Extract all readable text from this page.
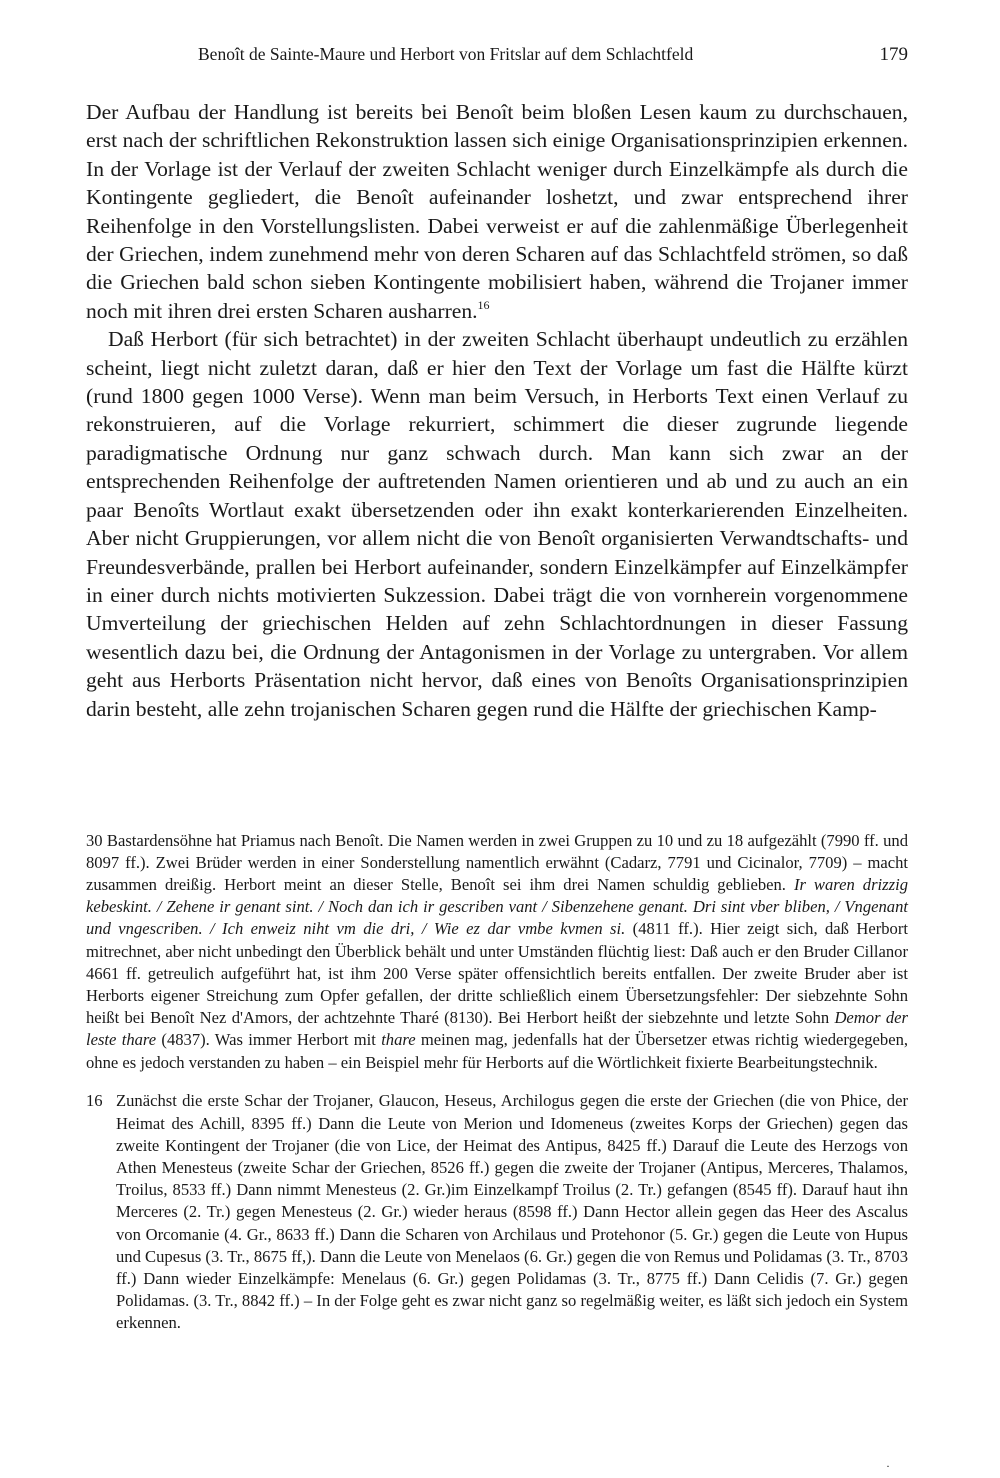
Benoît de Sainte-Maure und Herbort von Fritslar auf dem Schlachtfeld	179

Der Aufbau der Handlung ist bereits bei Benoît beim bloßen Lesen kaum zu durchschauen, erst nach der schriftlichen Rekonstruktion lassen sich einige Organisationsprinzipien erkennen. In der Vorlage ist der Verlauf der zweiten Schlacht weniger durch Einzelkämpfe als durch die Kontingente gegliedert, die Benoît aufeinander loshetzt, und zwar entsprechend ihrer Reihenfolge in den Vorstellungslisten. Dabei verweist er auf die zahlenmäßige Überlegenheit der Griechen, indem zunehmend mehr von deren Scharen auf das Schlachtfeld strömen, so daß die Griechen bald schon sieben Kontingente mobilisiert haben, während die Trojaner immer noch mit ihren drei ersten Scharen ausharren.$^{16}$

Daß Herbort (für sich betrachtet) in der zweiten Schlacht überhaupt undeutlich zu erzählen scheint, liegt nicht zuletzt daran, daß er hier den Text der Vorlage um fast die Hälfte kürzt (rund 1800 gegen 1000 Verse). Wenn man beim Versuch, in Herborts Text einen Verlauf zu rekonstruieren, auf die Vorlage rekurriert, schimmert die dieser zugrunde liegende paradigmatische Ordnung nur ganz schwach durch. Man kann sich zwar an der entsprechenden Reihenfolge der auftretenden Namen orientieren und ab und zu auch an ein paar Benoîts Wortlaut exakt übersetzenden oder ihn exakt konterkarierenden Einzelheiten. Aber nicht Gruppierungen, vor allem nicht die von Benoît organisierten Verwandtschafts- und Freundesverbände, prallen bei Herbort aufeinander, sondern Einzelkämpfer auf Einzelkämpfer in einer durch nichts motivierten Sukzession. Dabei trägt die von vornherein vorgenommene Umverteilung der griechischen Helden auf zehn Schlachtordnungen in dieser Fassung wesentlich dazu bei, die Ordnung der Antagonismen in der Vorlage zu untergraben. Vor allem geht aus Herborts Präsentation nicht hervor, daß eines von Benoîts Organisationsprinzipien darin besteht, alle zehn trojanischen Scharen gegen rund die Hälfte der griechischen Kamp-

30 Bastardensöhne hat Priamus nach Benoît. Die Namen werden in zwei Gruppen zu 10 und zu 18 aufgezählt (7990 ff. und 8097 ff.). Zwei Brüder werden in einer Sonderstellung namentlich erwähnt (Cadarz, 7791 und Cicinalor, 7709) – macht zusammen dreißig. Herbort meint an dieser Stelle, Benoît sei ihm drei Namen schuldig geblieben. Ir waren drizzig kebeskint. / Zehene ir genant sint. / Noch dan ich ir gescriben vant / Sibenzehene genant. Dri sint vber bliben, / Vngenant und vngescriben. / Ich enweiz niht vm die dri, / Wie ez dar vmbe kvmen si. (4811 ff.). Hier zeigt sich, daß Herbort mitrechnet, aber nicht unbedingt den Überblick behält und unter Umständen flüchtig liest: Daß auch er den Bruder Cillanor 4661 ff. getreulich aufgeführt hat, ist ihm 200 Verse später offensichtlich bereits entfallen. Der zweite Bruder aber ist Herborts eigener Streichung zum Opfer gefallen, der dritte schließlich einem Übersetzungsfehler: Der siebzehnte Sohn heißt bei Benoît Nez d'Amors, der achtzehnte Tharé (8130). Bei Herbort heißt der siebzehnte und letzte Sohn Demor der leste thare (4837). Was immer Herbort mit thare meinen mag, jedenfalls hat der Übersetzer etwas richtig wiedergegeben, ohne es jedoch verstanden zu haben – ein Beispiel mehr für Herborts auf die Wörtlichkeit fixierte Bearbeitungstechnik.

16 Zunächst die erste Schar der Trojaner, Glaucon, Heseus, Archilogus gegen die erste der Griechen (die von Phice, der Heimat des Achill, 8395 ff.) Dann die Leute von Merion und Idomeneus (zweites Korps der Griechen) gegen das zweite Kontingent der Trojaner (die von Lice, der Heimat des Antipus, 8425 ff.) Darauf die Leute des Herzogs von Athen Menesteus (zweite Schar der Griechen, 8526 ff.) gegen die zweite der Trojaner (Antipus, Merceres, Thalamos, Troilus, 8533 ff.) Dann nimmt Menesteus (2. Gr.)im Einzelkampf Troilus (2. Tr.) gefangen (8545 ff). Darauf haut ihn Merceres (2. Tr.) gegen Menesteus (2. Gr.) wieder heraus (8598 ff.) Dann Hector allein gegen das Heer des Ascalus von Orcomanie (4. Gr., 8633 ff.) Dann die Scharen von Archilaus und Protehonor (5. Gr.) gegen die Leute von Hupus und Cupesus (3. Tr., 8675 ff,). Dann die Leute von Menelaos (6. Gr.) gegen die von Remus und Polidamas (3. Tr., 8703 ff.) Dann wieder Einzelkämpfe: Menelaus (6. Gr.) gegen Polidamas (3. Tr., 8775 ff.) Dann Celidis (7. Gr.) gegen Polidamas. (3. Tr., 8842 ff.) – In der Folge geht es zwar nicht ganz so regelmäßig weiter, es läßt sich jedoch ein System erkennen.
·
